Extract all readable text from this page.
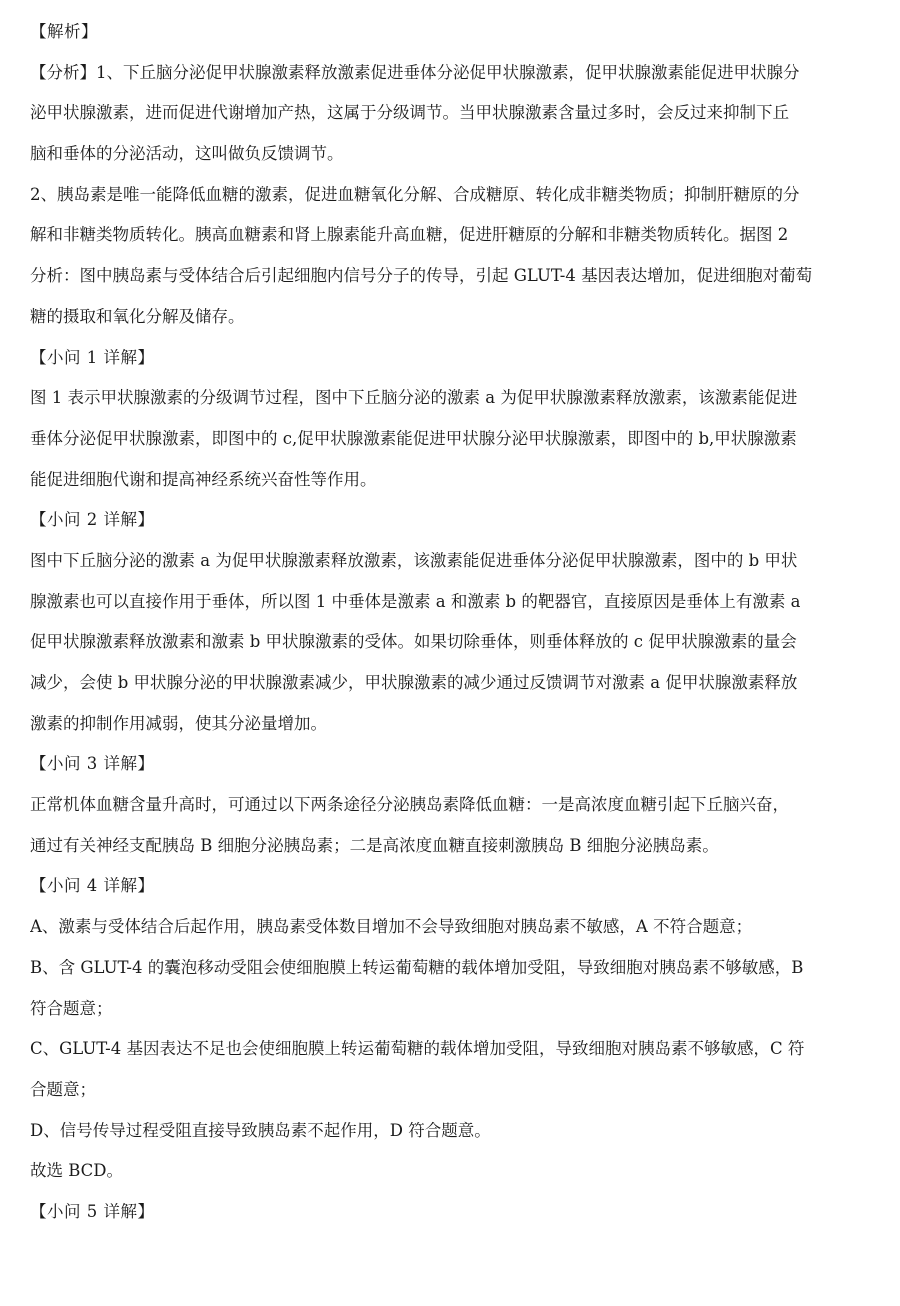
【解析】
【分析】1、下丘脑分泌促甲状腺激素释放激素促进垂体分泌促甲状腺激素，促甲状腺激素能促进甲状腺分
泌甲状腺激素，进而促进代谢增加产热，这属于分级调节。当甲状腺激素含量过多时，会反过来抑制下丘
脑和垂体的分泌活动，这叫做负反馈调节。
2、胰岛素是唯一能降低血糖的激素，促进血糖氧化分解、合成糖原、转化成非糖类物质；抑制肝糖原的分
解和非糖类物质转化。胰高血糖素和肾上腺素能升高血糖，促进肝糖原的分解和非糖类物质转化。据图 2
分析：图中胰岛素与受体结合后引起细胞内信号分子的传导，引起 GLUT-4 基因表达增加，促进细胞对葡萄
糖的摄取和氧化分解及储存。
【小问 1 详解】
图 1 表示甲状腺激素的分级调节过程，图中下丘脑分泌的激素 a 为促甲状腺激素释放激素，该激素能促进
垂体分泌促甲状腺激素，即图中的 c,促甲状腺激素能促进甲状腺分泌甲状腺激素，即图中的 b,甲状腺激素
能促进细胞代谢和提高神经系统兴奋性等作用。
【小问 2 详解】
图中下丘脑分泌的激素 a 为促甲状腺激素释放激素，该激素能促进垂体分泌促甲状腺激素，图中的 b 甲状
腺激素也可以直接作用于垂体，所以图 1 中垂体是激素 a 和激素 b 的靶器官，直接原因是垂体上有激素 a
促甲状腺激素释放激素和激素 b 甲状腺激素的受体。如果切除垂体，则垂体释放的 c 促甲状腺激素的量会
减少，会使 b 甲状腺分泌的甲状腺激素减少，甲状腺激素的减少通过反馈调节对激素 a 促甲状腺激素释放
激素的抑制作用减弱，使其分泌量增加。
【小问 3 详解】
正常机体血糖含量升高时，可通过以下两条途径分泌胰岛素降低血糖：一是高浓度血糖引起下丘脑兴奋，
通过有关神经支配胰岛 B 细胞分泌胰岛素；二是高浓度血糖直接刺激胰岛 B 细胞分泌胰岛素。
【小问 4 详解】
A、激素与受体结合后起作用，胰岛素受体数目增加不会导致细胞对胰岛素不敏感，A 不符合题意；
B、含 GLUT-4 的囊泡移动受阻会使细胞膜上转运葡萄糖的载体增加受阻，导致细胞对胰岛素不够敏感，B
符合题意；
C、GLUT-4 基因表达不足也会使细胞膜上转运葡萄糖的载体增加受阻，导致细胞对胰岛素不够敏感，C 符
合题意；
D、信号传导过程受阻直接导致胰岛素不起作用，D 符合题意。
故选 BCD。
【小问 5 详解】
